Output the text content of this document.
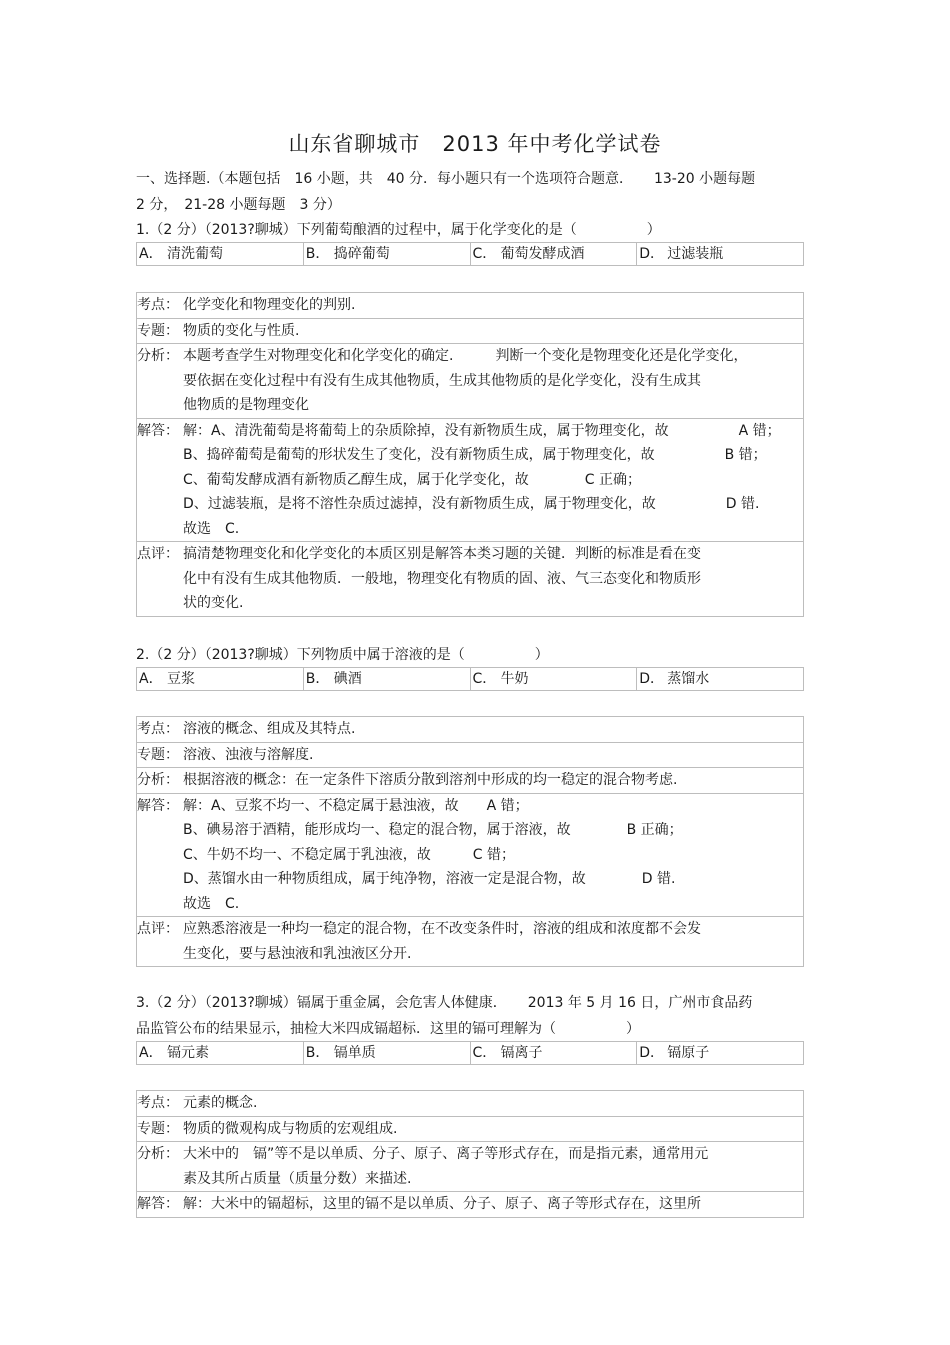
山东省聊城市　2013 年中考化学试卷
一、选择题.（本题包括　16 小题，共　40 分．每小题只有一个选项符合题意．　　13-20 小题每题
2 分，　21-28 小题每题　3 分）
1.（2 分）（2013?聊城）下列葡萄酿酒的过程中，属于化学变化的是（　　　　　）
A． 清洗葡萄	B． 捣碎葡萄	C． 葡萄发酵成酒	D． 过滤装瓶
考点：	化学变化和物理变化的判别.

专题：	物质的变化与性质.

分析：	本题考查学生对物理变化和化学变化的确定.　　　判断一个变化是物理变化还是化学变化，
要依据在变化过程中有没有生成其他物质，生成其他物质的是化学变化，没有生成其
他物质的是物理变化

解答：	解：A、清洗葡萄是将葡萄上的杂质除掉，没有新物质生成，属于物理变化，故　　　　　A 错；
B、捣碎葡萄是葡萄的形状发生了变化，没有新物质生成，属于物理变化，故　　　　　B 错；
C、葡萄发酵成酒有新物质乙醇生成，属于化学变化，故　　　　C 正确；
D、过滤装瓶，是将不溶性杂质过滤掉，没有新物质生成，属于物理变化，故　　　　　D 错.
故选　C.

点评：	搞清楚物理变化和化学变化的本质区别是解答本类习题的关键．判断的标准是看在变
化中有没有生成其他物质．一般地，物理变化有物质的固、液、气三态变化和物质形
状的变化.
2.（2 分）（2013?聊城）下列物质中属于溶液的是（　　　　　）
A． 豆浆	B． 碘酒	C． 牛奶	D． 蒸馏水
考点：	溶液的概念、组成及其特点.

专题：	溶液、浊液与溶解度.

分析：	根据溶液的概念：在一定条件下溶质分散到溶剂中形成的均一稳定的混合物考虑.

解答：	解：A、豆浆不均一、不稳定属于悬浊液，故　　A 错；
B、碘易溶于酒精，能形成均一、稳定的混合物，属于溶液，故　　　　B 正确；
C、牛奶不均一、不稳定属于乳浊液，故　　　C 错；
D、蒸馏水由一种物质组成，属于纯净物，溶液一定是混合物，故　　　　D 错.
故选　C.

点评：	应熟悉溶液是一种均一稳定的混合物，在不改变条件时，溶液的组成和浓度都不会发
生变化，要与悬浊液和乳浊液区分开.
3.（2 分）（2013?聊城）镉属于重金属，会危害人体健康．　　2013 年 5 月 16 日，广州市食品药
品监管公布的结果显示，抽检大米四成镉超标．这里的镉可理解为（　　　　　）
A． 镉元素	B． 镉单质	C． 镉离子	D． 镉原子
考点：	元素的概念.

专题：	物质的微观构成与物质的宏观组成.

分析：	大米中的　镉”等不是以单质、分子、原子、离子等形式存在，而是指元素，通常用元
素及其所占质量（质量分数）来描述.

解答：	解：大米中的镉超标，这里的镉不是以单质、分子、原子、离子等形式存在，这里所
